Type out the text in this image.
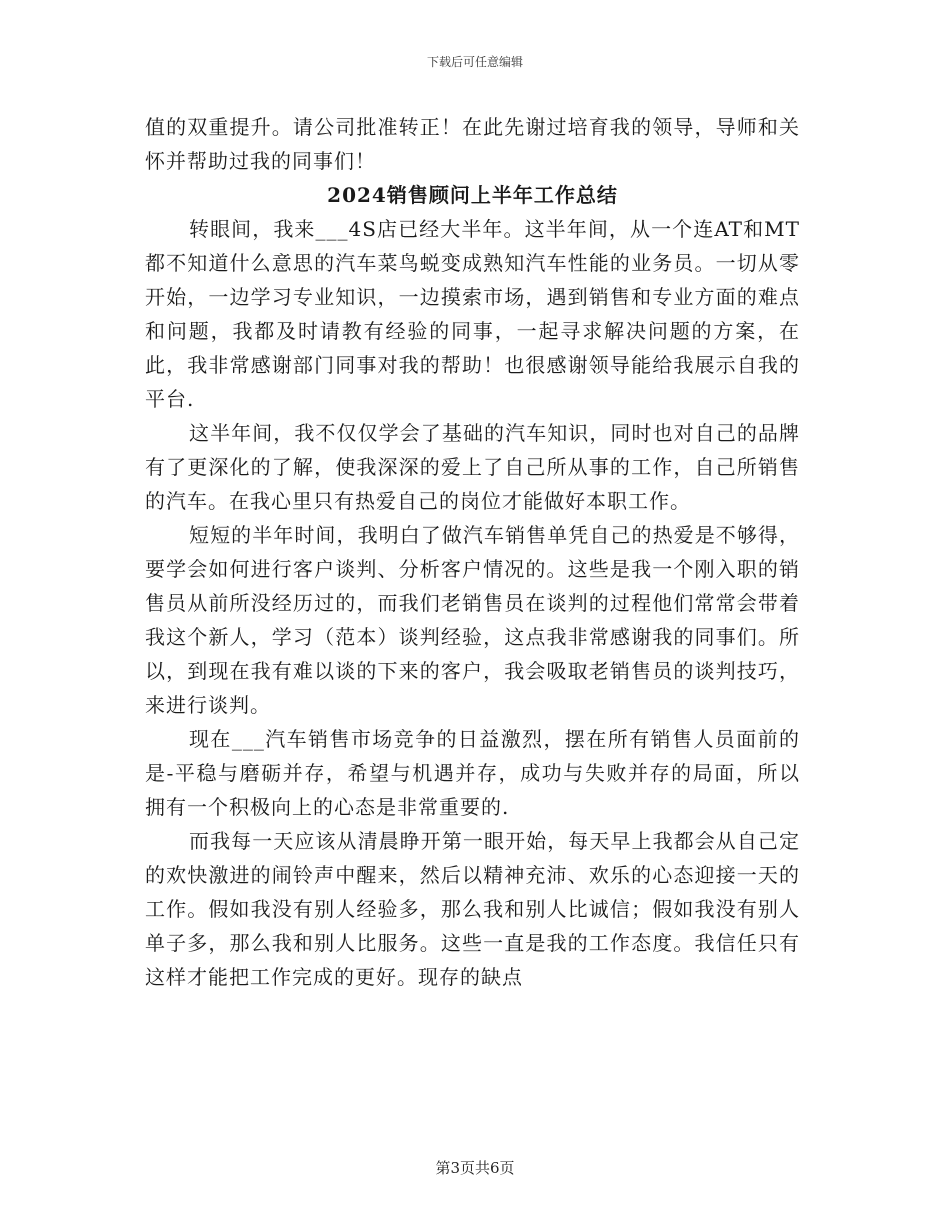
下载后可任意编辑

值的双重提升。请公司批准转正！在此先谢过培育我的领导，导师和关怀并帮助过我的同事们！

2024销售顾问上半年工作总结

转眼间，我来___4S店已经大半年。这半年间，从一个连AT和MT都不知道什么意思的汽车菜鸟蜕变成熟知汽车性能的业务员。一切从零开始，一边学习专业知识，一边摸索市场，遇到销售和专业方面的难点和问题，我都及时请教有经验的同事，一起寻求解决问题的方案，在此，我非常感谢部门同事对我的帮助！也很感谢领导能给我展示自我的平台.

这半年间，我不仅仅学会了基础的汽车知识，同时也对自己的品牌有了更深化的了解，使我深深的爱上了自己所从事的工作，自己所销售的汽车。在我心里只有热爱自己的岗位才能做好本职工作。

短短的半年时间，我明白了做汽车销售单凭自己的热爱是不够得，要学会如何进行客户谈判、分析客户情况的。这些是我一个刚入职的销售员从前所没经历过的，而我们老销售员在谈判的过程他们常常会带着我这个新人，学习（范本）谈判经验，这点我非常感谢我的同事们。所以，到现在我有难以谈的下来的客户，我会吸取老销售员的谈判技巧，来进行谈判。

现在___汽车销售市场竞争的日益激烈，摆在所有销售人员面前的是-平稳与磨砺并存，希望与机遇并存，成功与失败并存的局面，所以拥有一个积极向上的心态是非常重要的.

而我每一天应该从清晨睁开第一眼开始，每天早上我都会从自己定的欢快激进的闹铃声中醒来，然后以精神充沛、欢乐的心态迎接一天的工作。假如我没有别人经验多，那么我和别人比诚信；假如我没有别人单子多，那么我和别人比服务。这些一直是我的工作态度。我信任只有这样才能把工作完成的更好。现存的缺点

第3页共6页
